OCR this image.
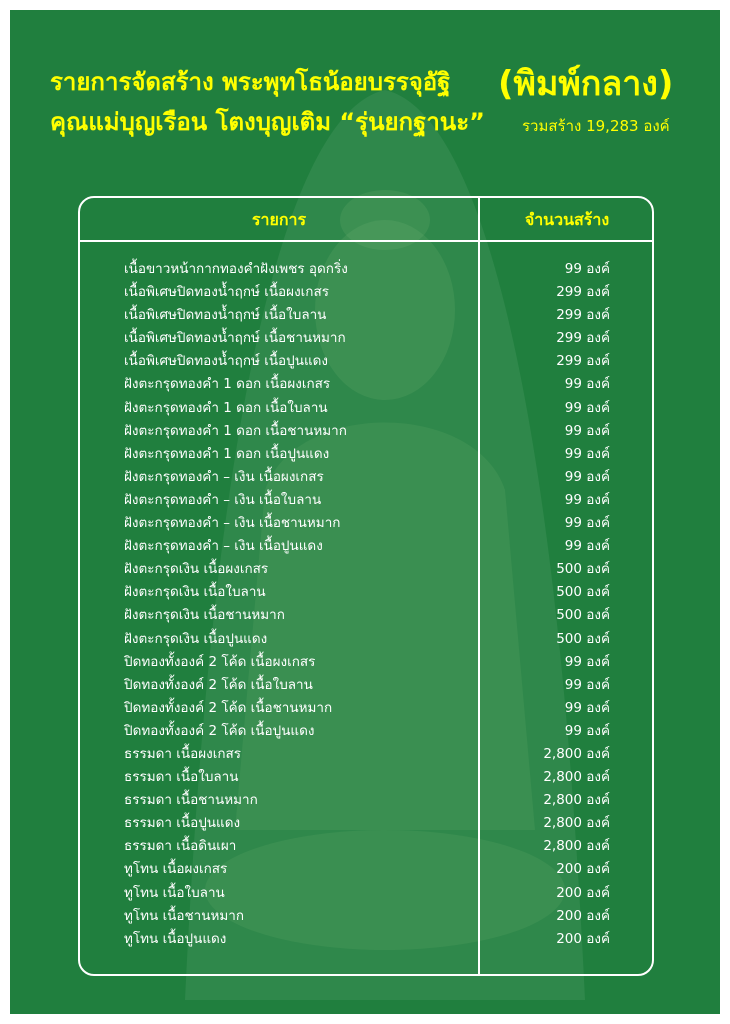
รายการจัดสร้าง พระพุทโธน้อยบรรจุอัฐิ	(พิมพ์กลาง)
คุณแม่บุญเรือน โตงบุญเติม “รุ่นยกฐานะ” รวมสร้าง 19,283 องค์
รายการ	จำนวนสร้าง
เนื้อขาวหน้ากากทองคำฝังเพชร อุดกริ่ง	99 องค์
เนื้อพิเศษปิดทองน้ำฤกษ์ เนื้อผงเกสร	299 องค์
เนื้อพิเศษปิดทองน้ำฤกษ์ เนื้อใบลาน	299 องค์
เนื้อพิเศษปิดทองน้ำฤกษ์ เนื้อชานหมาก	299 องค์
เนื้อพิเศษปิดทองน้ำฤกษ์ เนื้อปูนแดง	299 องค์
ฝังตะกรุดทองคำ 1 ดอก เนื้อผงเกสร	99 องค์
ฝังตะกรุดทองคำ 1 ดอก เนื้อใบลาน	99 องค์
ฝังตะกรุดทองคำ 1 ดอก เนื้อชานหมาก	99 องค์
ฝังตะกรุดทองคำ 1 ดอก เนื้อปูนแดง	99 องค์
ฝังตะกรุดทองคำ – เงิน เนื้อผงเกสร	99 องค์
ฝังตะกรุดทองคำ – เงิน เนื้อใบลาน	99 องค์
ฝังตะกรุดทองคำ – เงิน เนื้อชานหมาก	99 องค์
ฝังตะกรุดทองคำ – เงิน เนื้อปูนแดง	99 องค์
ฝังตะกรุดเงิน เนื้อผงเกสร	500 องค์
ฝังตะกรุดเงิน เนื้อใบลาน	500 องค์
ฝังตะกรุดเงิน เนื้อชานหมาก	500 องค์
ฝังตะกรุดเงิน เนื้อปูนแดง	500 องค์
ปิดทองทั้งองค์ 2 โค้ด เนื้อผงเกสร	99 องค์
ปิดทองทั้งองค์ 2 โค้ด เนื้อใบลาน	99 องค์
ปิดทองทั้งองค์ 2 โค้ด เนื้อชานหมาก	99 องค์
ปิดทองทั้งองค์ 2 โค้ด เนื้อปูนแดง	99 องค์
ธรรมดา เนื้อผงเกสร	2,800 องค์
ธรรมดา เนื้อใบลาน	2,800 องค์
ธรรมดา เนื้อชานหมาก	2,800 องค์
ธรรมดา เนื้อปูนแดง	2,800 องค์
ธรรมดา เนื้อดินเผา	2,800 องค์
ทูโทน เนื้อผงเกสร	200 องค์
ทูโทน เนื้อใบลาน	200 องค์
ทูโทน เนื้อชานหมาก	200 องค์
ทูโทน เนื้อปูนแดง	200 องค์
